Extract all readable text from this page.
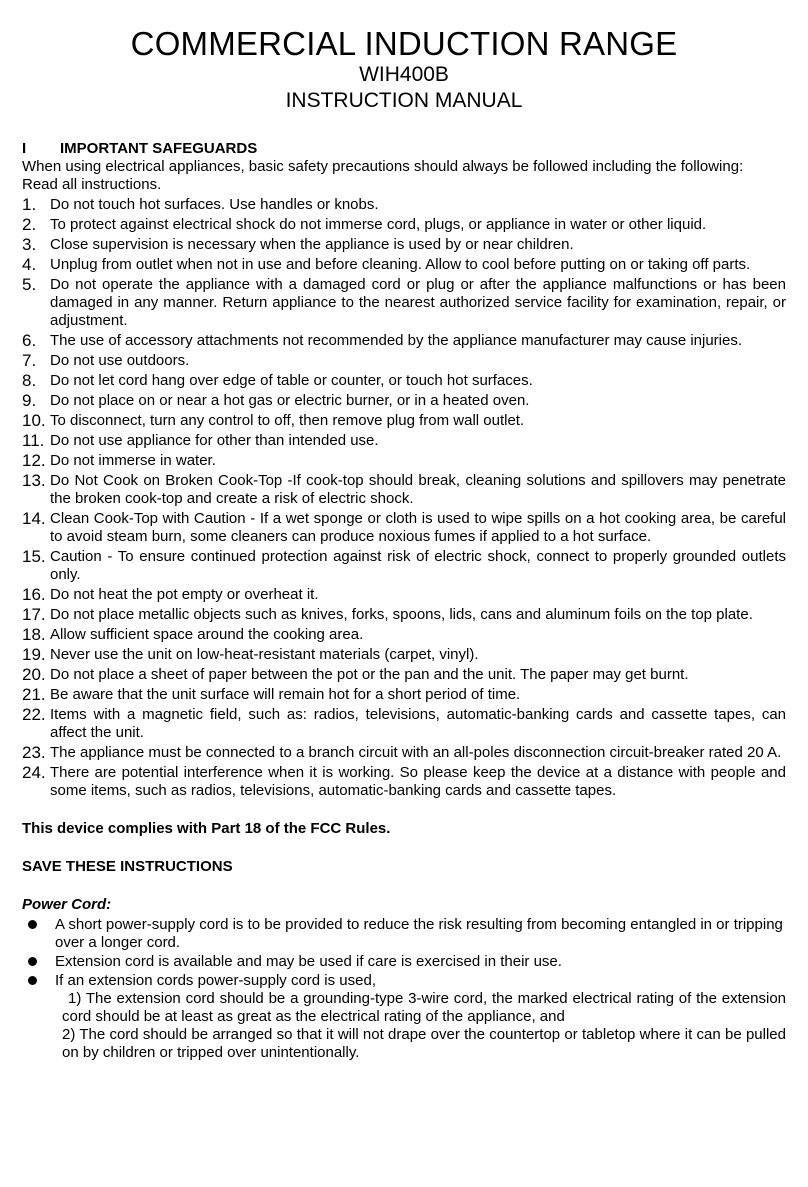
COMMERCIAL INDUCTION RANGE
WIH400B
INSTRUCTION MANUAL
I IMPORTANT SAFEGUARDS

When using electrical appliances, basic safety precautions should always be followed including the following:

Read all instructions.

1. Do not touch hot surfaces. Use handles or knobs.
2. To protect against electrical shock do not immerse cord, plugs, or appliance in water or other liquid.
3. Close supervision is necessary when the appliance is used by or near children.
4. Unplug from outlet when not in use and before cleaning. Allow to cool before putting on or taking off parts.
5. Do not operate the appliance with a damaged cord or plug or after the appliance malfunctions or has been damaged in any manner. Return appliance to the nearest authorized service facility for examination, repair, or adjustment.
6. The use of accessory attachments not recommended by the appliance manufacturer may cause injuries.
7. Do not use outdoors.
8. Do not let cord hang over edge of table or counter, or touch hot surfaces.
9. Do not place on or near a hot gas or electric burner, or in a heated oven.
10. To disconnect, turn any control to off, then remove plug from wall outlet.
11. Do not use appliance for other than intended use.
12. Do not immerse in water.
13. Do Not Cook on Broken Cook-Top -If cook-top should break, cleaning solutions and spillovers may penetrate the broken cook-top and create a risk of electric shock.
14. Clean Cook-Top with Caution - If a wet sponge or cloth is used to wipe spills on a hot cooking area, be careful to avoid steam burn, some cleaners can produce noxious fumes if applied to a hot surface.
15. Caution - To ensure continued protection against risk of electric shock, connect to properly grounded outlets only.
16. Do not heat the pot empty or overheat it.
17. Do not place metallic objects such as knives, forks, spoons, lids, cans and aluminum foils on the top plate.
18. Allow sufficient space around the cooking area.
19. Never use the unit on low-heat-resistant materials (carpet, vinyl).
20. Do not place a sheet of paper between the pot or the pan and the unit. The paper may get burnt.
21. Be aware that the unit surface will remain hot for a short period of time.
22. Items with a magnetic field, such as: radios, televisions, automatic-banking cards and cassette tapes, can affect the unit.
23. The appliance must be connected to a branch circuit with an all-poles disconnection circuit-breaker rated 20 A.
24. There are potential interference when it is working. So please keep the device at a distance with people and some items, such as radios, televisions, automatic-banking cards and cassette tapes.
This device complies with Part 18 of the FCC Rules.
SAVE THESE INSTRUCTIONS
Power Cord:
A short power-supply cord is to be provided to reduce the risk resulting from becoming entangled in or tripping over a longer cord.
Extension cord is available and may be used if care is exercised in their use.
If an extension cords power-supply cord is used,
1) The extension cord should be a grounding-type 3-wire cord, the marked electrical rating of the extension cord should be at least as great as the electrical rating of the appliance, and
2) The cord should be arranged so that it will not drape over the countertop or tabletop where it can be pulled on by children or tripped over unintentionally.
